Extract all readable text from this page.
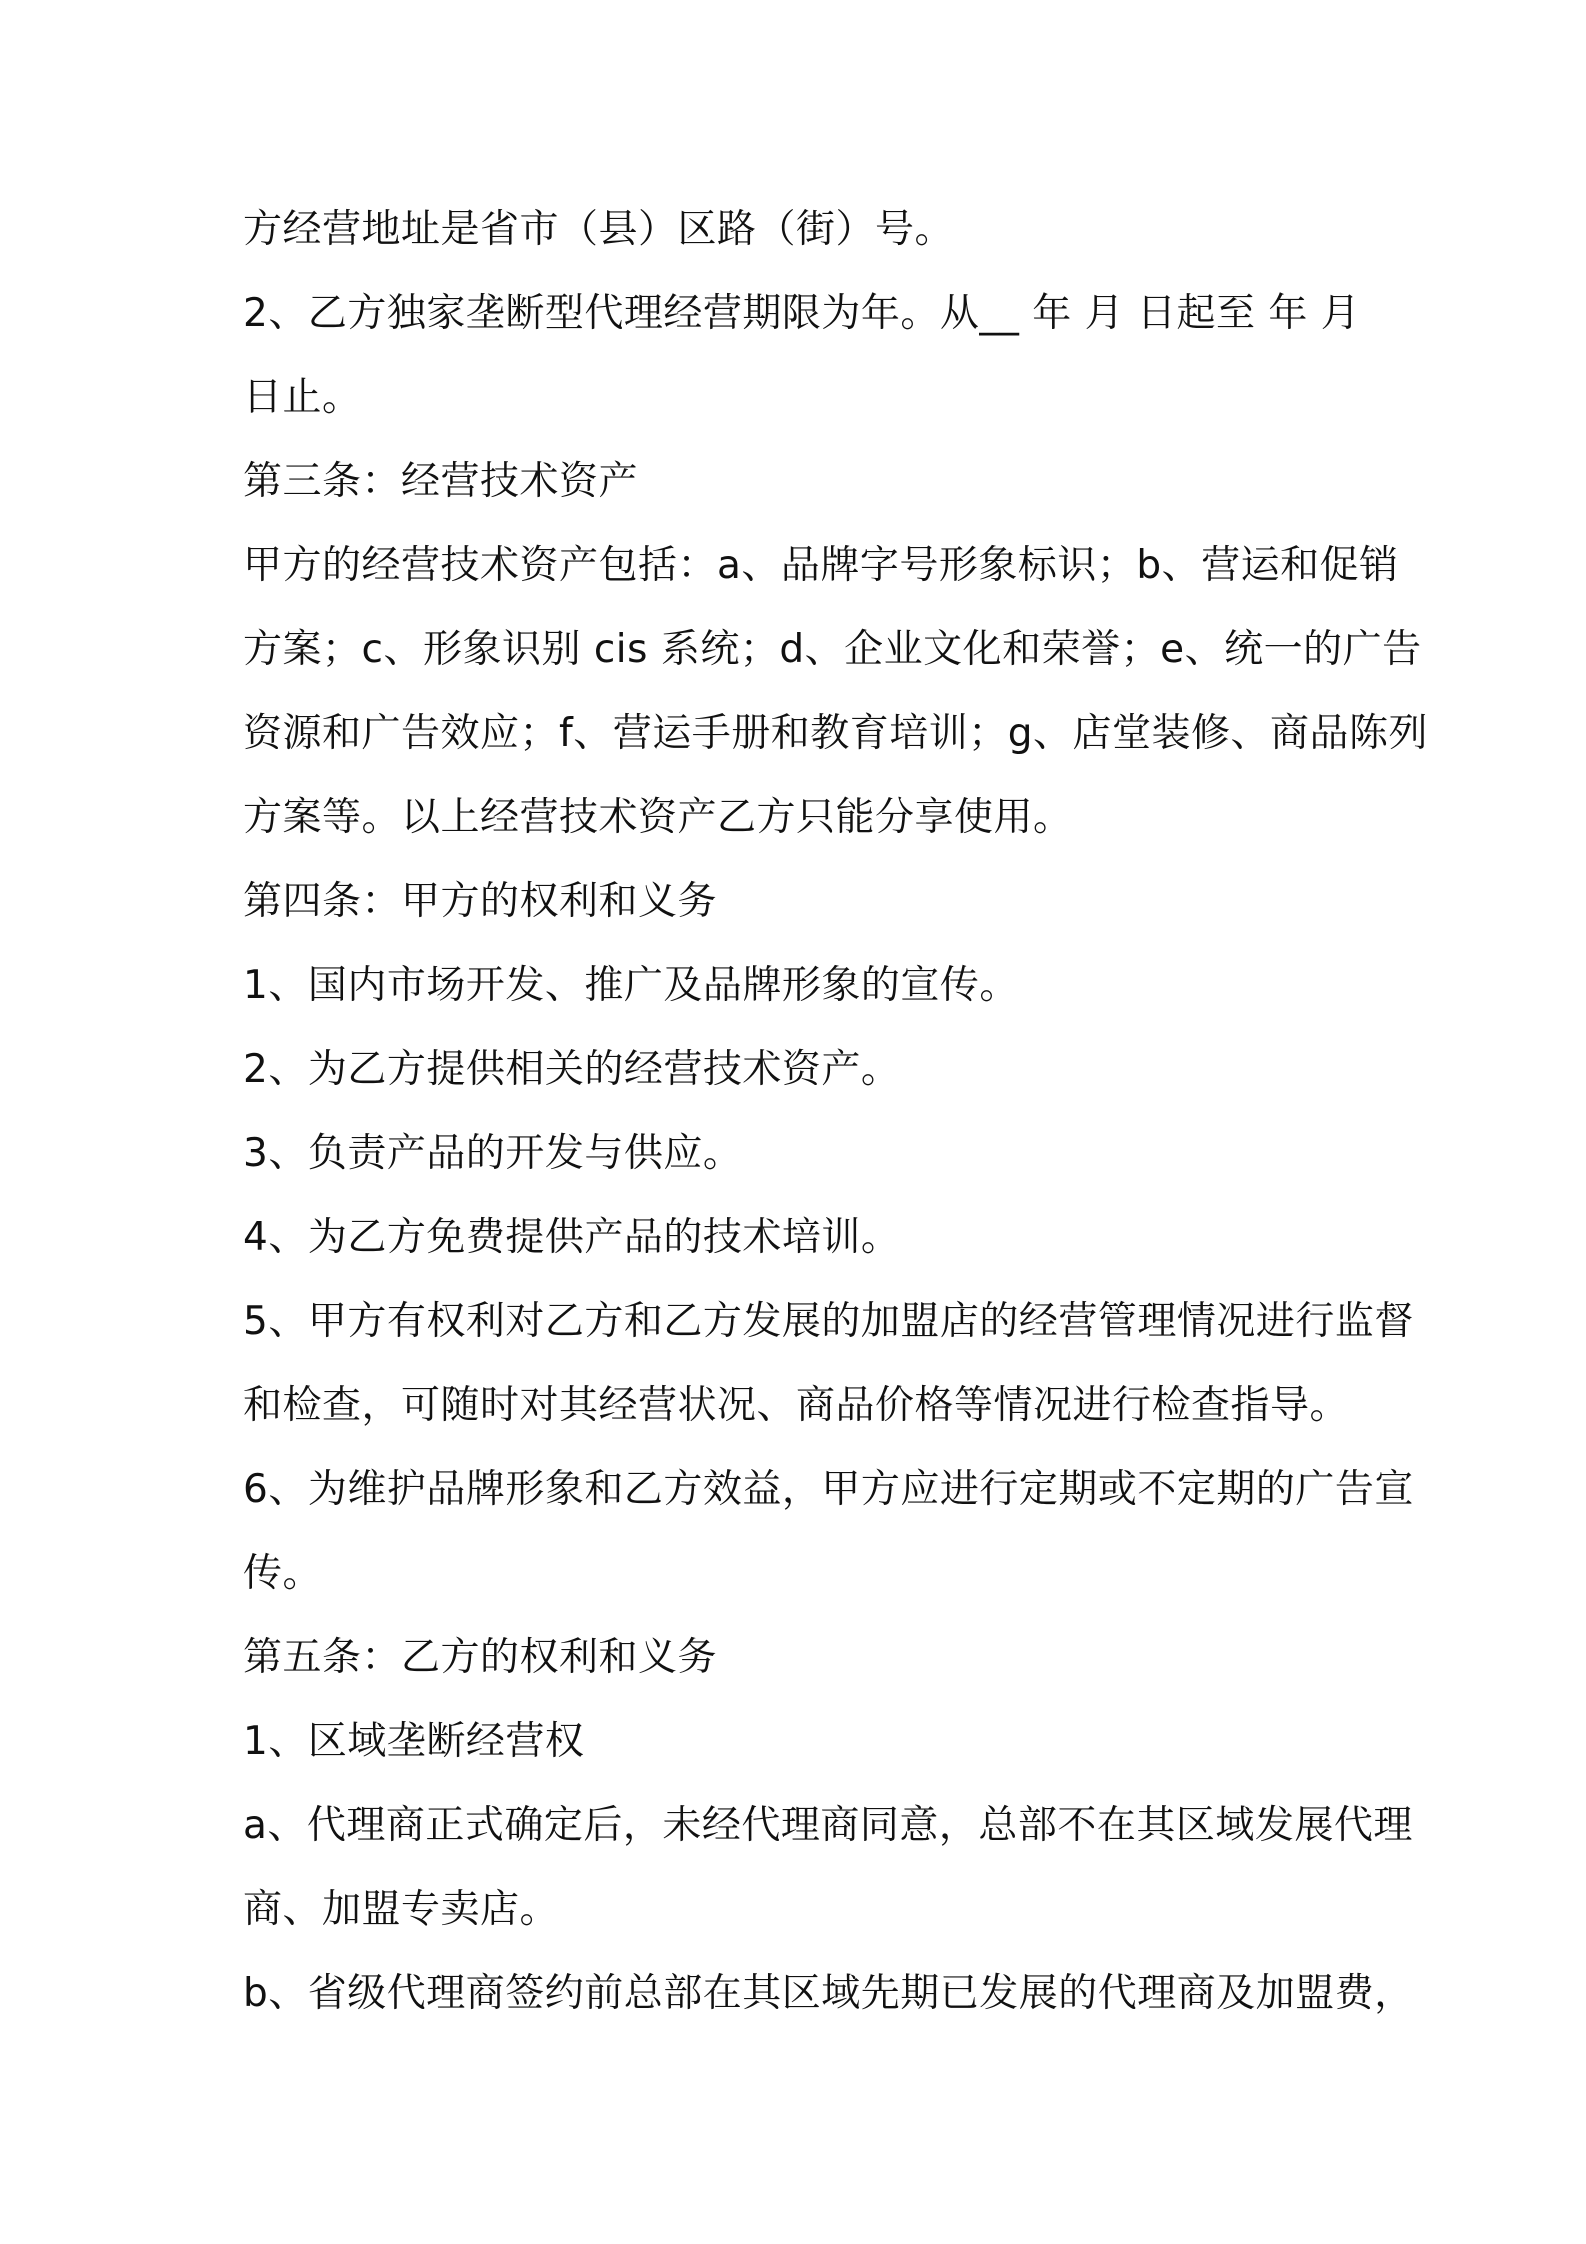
方经营地址是省市（县）区路（街）号。
2、乙方独家垄断型代理经营期限为年。从__ 年 月 日起至 年 月
日止。
第三条：经营技术资产
甲方的经营技术资产包括：a、品牌字号形象标识；b、营运和促销
方案；c、形象识别 cis 系统；d、企业文化和荣誉；e、统一的广告
资源和广告效应；f、营运手册和教育培训；g、店堂装修、商品陈列
方案等。以上经营技术资产乙方只能分享使用。
第四条：甲方的权利和义务
1、国内市场开发、推广及品牌形象的宣传。
2、为乙方提供相关的经营技术资产。
3、负责产品的开发与供应。
4、为乙方免费提供产品的技术培训。
5、甲方有权利对乙方和乙方发展的加盟店的经营管理情况进行监督
和检查，可随时对其经营状况、商品价格等情况进行检查指导。
6、为维护品牌形象和乙方效益，甲方应进行定期或不定期的广告宣
传。
第五条：乙方的权利和义务
1、区域垄断经营权
a、代理商正式确定后，未经代理商同意，总部不在其区域发展代理
商、加盟专卖店。
b、省级代理商签约前总部在其区域先期已发展的代理商及加盟费，
